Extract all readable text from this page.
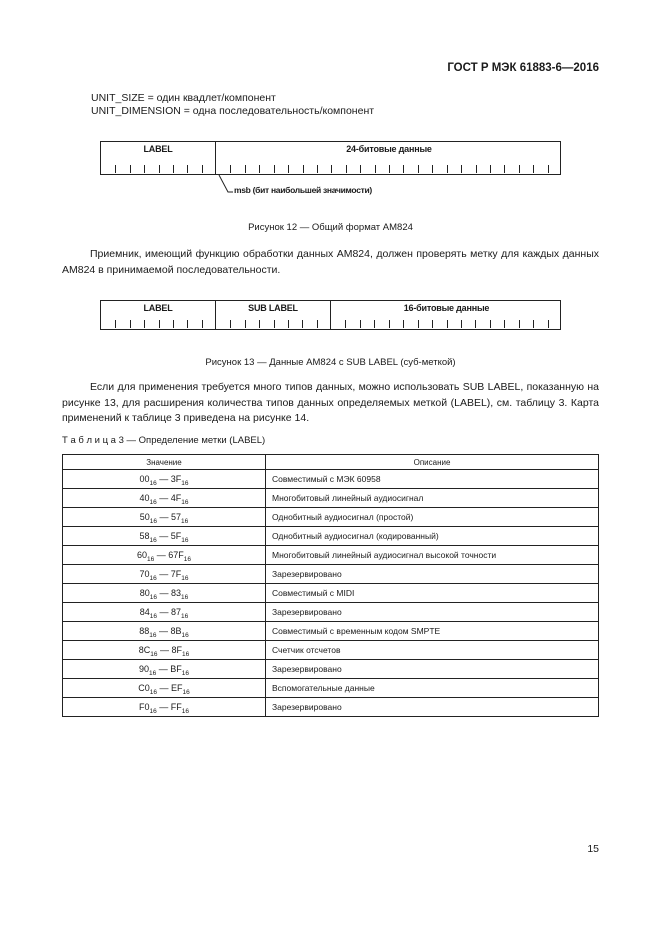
ГОСТ Р МЭК 61883-6—2016
UNIT_SIZE = один квадлет/компонент
UNIT_DIMENSION = одна последовательность/компонент
LABEL	24-битовые данные
msb (бит наибольшей значимости)
Рисунок 12 — Общий формат AM824
Приемник, имеющий функцию обработки данных AM824, должен проверять метку для каждых данных AM824 в принимаемой последовательности.
LABEL	SUB LABEL	16-битовые данные
Рисунок 13 — Данные AM824 с SUB LABEL (суб-меткой)
Если для применения требуется много типов данных, можно использовать SUB LABEL, показанную на рисунке 13, для расширения количества типов данных определяемых меткой (LABEL), см. таблицу 3. Карта применений к таблице 3 приведена на рисунке 14.
Т а б л и ц а 3 — Определение метки (LABEL)
Значение	Описание
$00_{16}$ — $3F_{16}$	Совместимый с МЭК 60958
$40_{16}$ — $4F_{16}$	Многобитовый линейный аудиосигнал
$50_{16}$ — $57_{16}$	Однобитный аудиосигнал (простой)
$58_{16}$ — $5F_{16}$	Однобитный аудиосигнал (кодированный)
$60_{16}$ — $67F_{16}$	Многобитовый линейный аудиосигнал высокой точности
$70_{16}$ — $7F_{16}$	Зарезервировано
$80_{16}$ — $83_{16}$	Совместимый с MIDI
$84_{16}$ — $87_{16}$	Зарезервировано
$88_{16}$ — $8B_{16}$	Совместимый с временным кодом SMPTE
$8C_{16}$ — $8F_{16}$	Счетчик отсчетов
$90_{16}$ — $BF_{16}$	Зарезервировано
$C0_{16}$ — $EF_{16}$	Вспомогательные данные
$F0_{16}$ — $FF_{16}$	Зарезервировано
15
